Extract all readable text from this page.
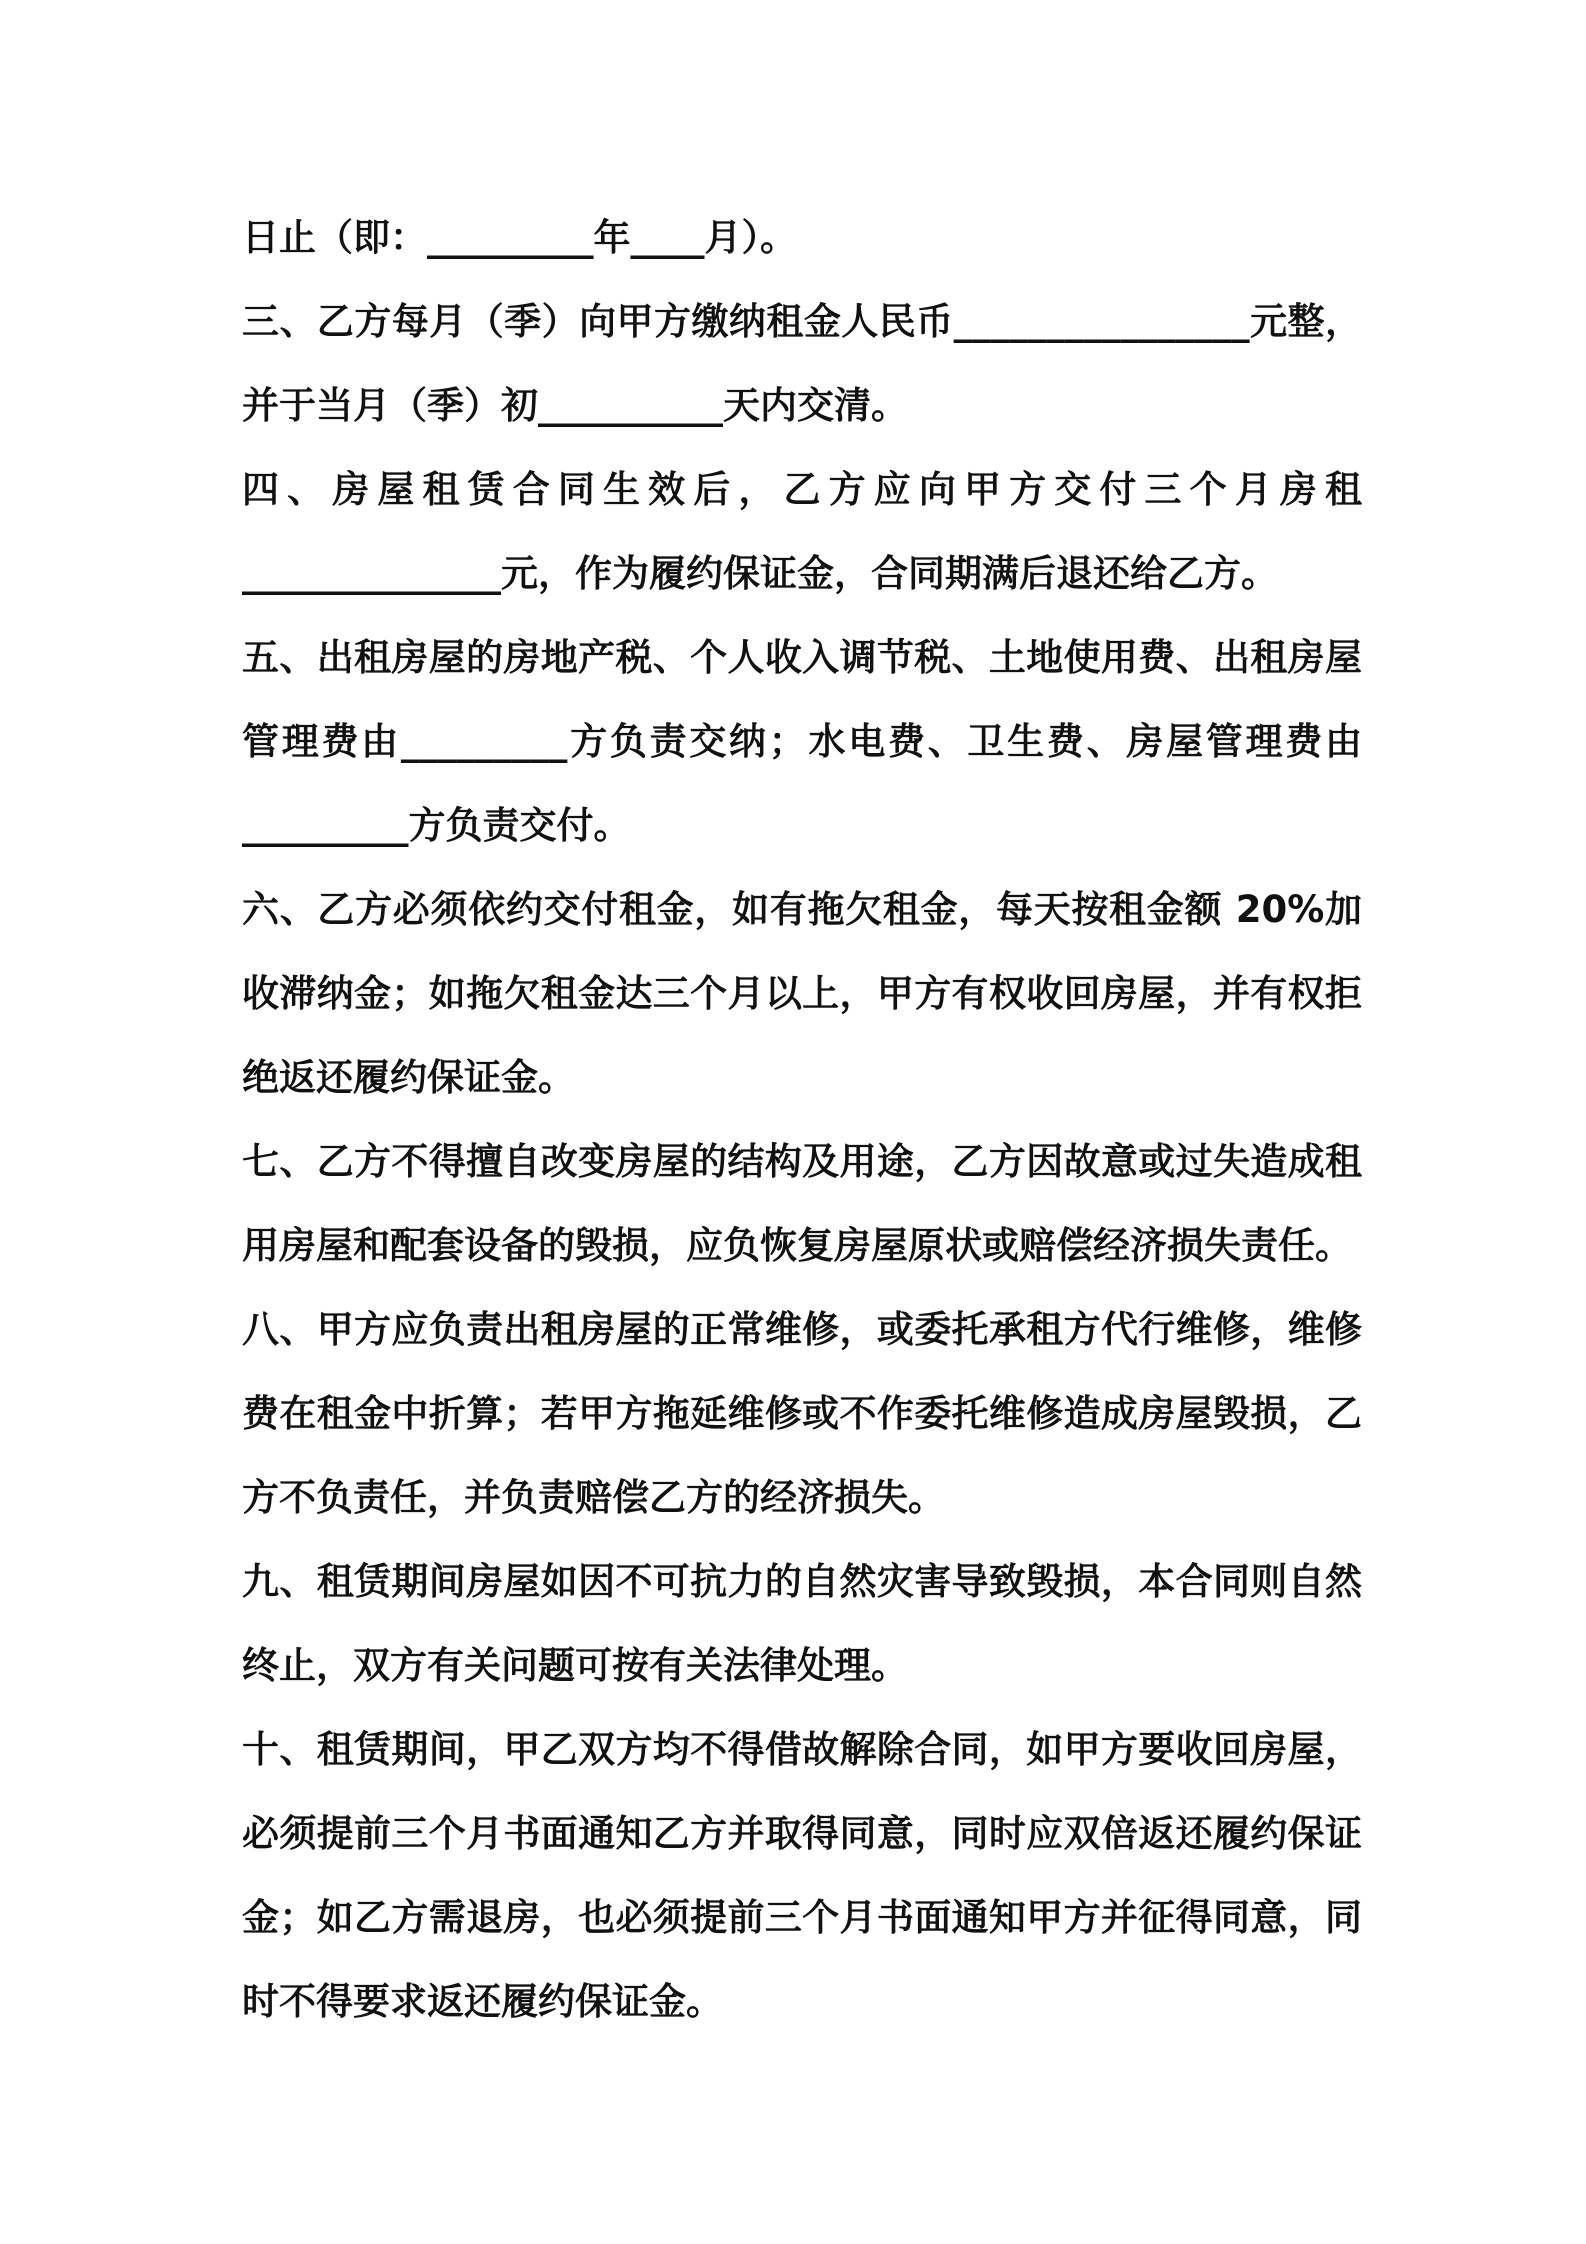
日止（即：_________年____月）。
三、乙方每月（季）向甲方缴纳租金人民币________________元整，
并于当月（季）初__________天内交清。
四、房屋租赁合同生效后，乙方应向甲方交付三个月房租
______________元，作为履约保证金，合同期满后退还给乙方。
五、出租房屋的房地产税、个人收入调节税、土地使用费、出租房屋
管理费由_________方负责交纳；水电费、卫生费、房屋管理费由
_________方负责交付。
六、乙方必须依约交付租金，如有拖欠租金，每天按租金额 20%加
收滞纳金；如拖欠租金达三个月以上，甲方有权收回房屋，并有权拒
绝返还履约保证金。
七、乙方不得擅自改变房屋的结构及用途，乙方因故意或过失造成租
用房屋和配套设备的毁损，应负恢复房屋原状或赔偿经济损失责任。
八、甲方应负责出租房屋的正常维修，或委托承租方代行维修，维修
费在租金中折算；若甲方拖延维修或不作委托维修造成房屋毁损，乙
方不负责任，并负责赔偿乙方的经济损失。
九、租赁期间房屋如因不可抗力的自然灾害导致毁损，本合同则自然
终止，双方有关问题可按有关法律处理。
十、租赁期间，甲乙双方均不得借故解除合同，如甲方要收回房屋，
必须提前三个月书面通知乙方并取得同意，同时应双倍返还履约保证
金；如乙方需退房，也必须提前三个月书面通知甲方并征得同意，同
时不得要求返还履约保证金。
